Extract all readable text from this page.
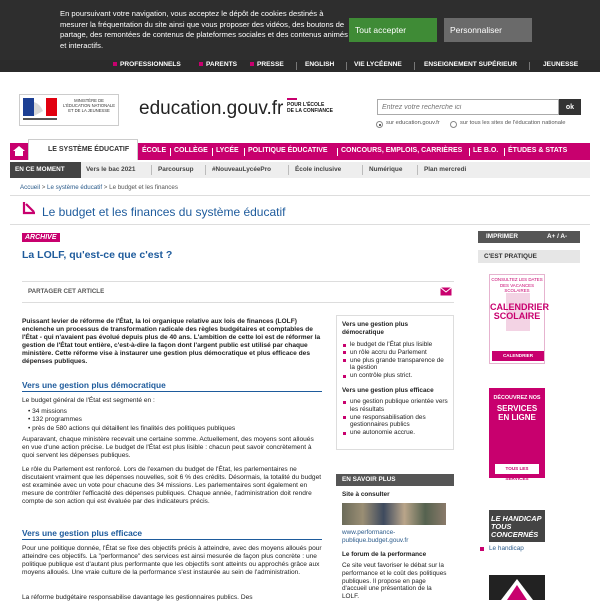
En poursuivant votre navigation, vous acceptez le dépôt de cookies destinés à mesurer la fréquentation du site ainsi que vous proposer des vidéos, des boutons de partage, des remontées de contenus de plateformes sociales et des contenus animés et interactifs.
Tout accepter	Personnaliser
PROFESSIONNELS	PARENTS	PRESSE	ENGLISH	VIE LYCÉENNE	ENSEIGNEMENT SUPÉRIEUR	JEUNESSE
MINISTÈRE DE L'ÉDUCATION NATIONALE ET DE LA JEUNESSE	education.gouv.fr POUR L'ÉCOLE
DE LA CONFIANCE
Entrez votre recherche ici
ok
sur education.gouv.fr	sur tous les sites de l'éducation nationale
LE SYSTÈME ÉDUCATIF ÉCOLE COLLÈGE LYCÉE POLITIQUE ÉDUCATIVE CONCOURS, EMPLOIS, CARRIÈRES LE B.O. ÉTUDES & STATS
EN CE MOMENT	Vers le bac 2021	Parcoursup	#NouveauLycéePro	École inclusive	Numérique	Plan mercredi
Accueil > Le système éducatif > Le budget et les finances
Le budget et les finances du système éducatif
ARCHIVE
La LOLF, qu'est-ce que c'est ?
PARTAGER CET ARTICLE
Puissant levier de réforme de l'État, la loi organique relative aux lois de finances (LOLF) enclenche un processus de transformation radicale des règles budgétaires et comptables de l'État - qui n'avaient pas évolué depuis plus de 40 ans. L'ambition de cette loi est de réformer la gestion de l'État tout entière, c'est-à-dire la façon dont l'argent public est utilisé par chaque ministère. Cette réforme vise à instaurer une gestion plus démocratique et plus efficace des dépenses publiques.
Vers une gestion plus démocratique
Le budget général de l'État est segmenté en :
• 34 missions
• 132 programmes
• près de 580 actions qui détaillent les finalités des politiques publiques
Auparavant, chaque ministère recevait une certaine somme. Actuellement, des moyens sont alloués en vue d'une action précise. Le budget de l'État est plus lisible : chacun peut savoir concrètement à quoi servent les dépenses publiques.
Le rôle du Parlement est renforcé. Lors de l'examen du budget de l'État, les parlementaires ne discutaient vraiment que les dépenses nouvelles, soit 6 % des crédits. Désormais, la totalité du budget est examinée avec un vote pour chacune des 34 missions. Les parlementaires sont également en mesure de contrôler l'efficacité des dépenses publiques. Chaque année, l'administration doit rendre compte de son action qui est évaluée par des indicateurs précis.
Vers une gestion plus efficace
Pour une politique donnée, l'État se fixe des objectifs précis à atteindre, avec des moyens alloués pour atteindre ces objectifs. La "performance" des services est ainsi mesurée de façon plus concrète : une politique publique est d'autant plus performante que les objectifs sont atteints ou approchés grâce aux moyens alloués. Une vraie culture de la performance s'est instaurée au sein de l'administration.
La réforme budgétaire responsabilise davantage les gestionnaires publics. Des
Vers une gestion plus démocratique
le budget de l'État plus lisible
un rôle accru du Parlement
une plus grande transparence de la gestion
un contrôle plus strict.
Vers une gestion plus efficace
une gestion publique orientée vers les résultats
une responsabilisation des gestionnaires publics
une autonomie accrue.
EN SAVOIR PLUS
Site à consulter
www.performance-publique.budget.gouv.fr
Le forum de la performance
Ce site veut favoriser le débat sur la performance et le coût des politiques publiques. Il propose en page d'accueil une présentation de la LOLF.
IMPRIMER	A+ / A-
C'EST PRATIQUE
CONSULTEZ LES DATES DES VACANCES SCOLAIRES
CALENDRIER
SCOLAIRE
CALENDRIER SCOLAIRE
DÉCOUVREZ NOS
SERVICES
EN LIGNE
TOUS LES SERVICES
LE HANDICAP
TOUS CONCERNÉS
Le handicap
